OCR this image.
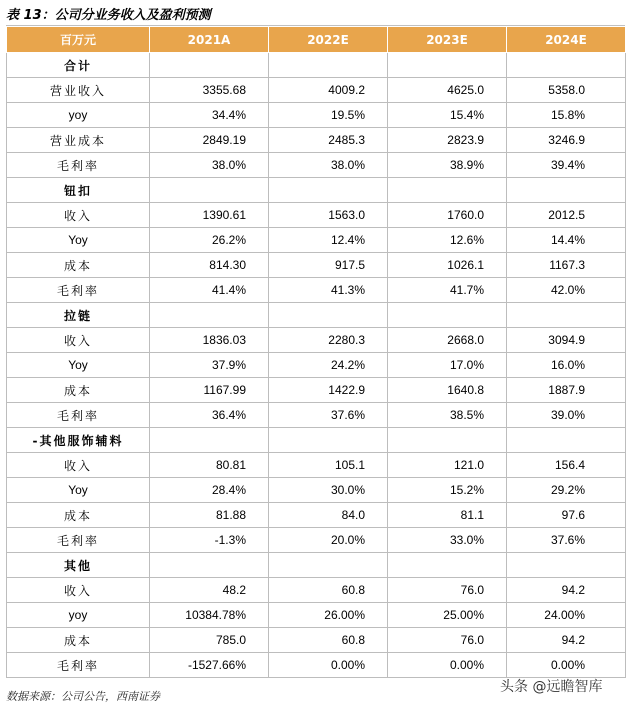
表 13：公司分业务收入及盈利预测
百万元	2021A	2022E	2023E	2024E
合计				
营业收入	3355.68	4009.2	4625.0	5358.0
yoy	34.4%	19.5%	15.4%	15.8%
营业成本	2849.19	2485.3	2823.9	3246.9
毛利率	38.0%	38.0%	38.9%	39.4%
钮扣				
收入	1390.61	1563.0	1760.0	2012.5
Yoy	26.2%	12.4%	12.6%	14.4%
成本	814.30	917.5	1026.1	1167.3
毛利率	41.4%	41.3%	41.7%	42.0%
拉链				
收入	1836.03	2280.3	2668.0	3094.9
Yoy	37.9%	24.2%	17.0%	16.0%
成本	1167.99	1422.9	1640.8	1887.9
毛利率	36.4%	37.6%	38.5%	39.0%
-其他服饰辅料				
收入	80.81	105.1	121.0	156.4
Yoy	28.4%	30.0%	15.2%	29.2%
成本	81.88	84.0	81.1	97.6
毛利率	-1.3%	20.0%	33.0%	37.6%
其他				
收入	48.2	60.8	76.0	94.2
yoy	10384.78%	26.00%	25.00%	24.00%
成本	785.0	60.8	76.0	94.2
毛利率	-1527.66%	0.00%	0.00%	0.00%
数据来源：公司公告，西南证券
头条 @远瞻智库
